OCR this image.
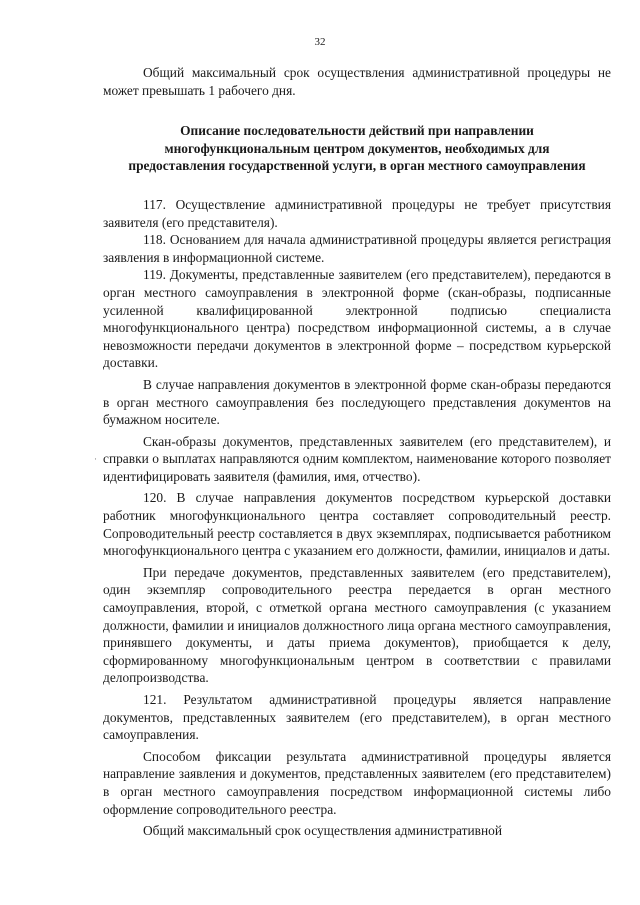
32

Общий максимальный срок осуществления административной процедуры не может превышать 1 рабочего дня.

Описание последовательности действий при направлении многофункциональным центром документов, необходимых для предоставления государственной услуги, в орган местного самоуправления

117. Осуществление административной процедуры не требует присутствия заявителя (его представителя).

118. Основанием для начала административной процедуры является регистрация заявления в информационной системе.

119. Документы, представленные заявителем (его представителем), передаются в орган местного самоуправления в электронной форме (скан-образы, подписанные усиленной квалифицированной электронной подписью специалиста многофункционального центра) посредством информационной системы, а в случае невозможности передачи документов в электронной форме – посредством курьерской доставки.

В случае направления документов в электронной форме скан-образы передаются в орган местного самоуправления без последующего представления документов на бумажном носителе.

Скан-образы документов, представленных заявителем (его представителем), и справки о выплатах направляются одним комплектом, наименование которого позволяет идентифицировать заявителя (фамилия, имя, отчество).

120. В случае направления документов посредством курьерской доставки работник многофункционального центра составляет сопроводительный реестр. Сопроводительный реестр составляется в двух экземплярах, подписывается работником многофункционального центра с указанием его должности, фамилии, инициалов и даты.

При передаче документов, представленных заявителем (его представителем), один экземпляр сопроводительного реестра передается в орган местного самоуправления, второй, с отметкой органа местного самоуправления (с указанием должности, фамилии и инициалов должностного лица органа местного самоуправления, принявшего документы, и даты приема документов), приобщается к делу, сформированному многофункциональным центром в соответствии с правилами делопроизводства.

121. Результатом административной процедуры является направление документов, представленных заявителем (его представителем), в орган местного самоуправления.

Способом фиксации результата административной процедуры является направление заявления и документов, представленных заявителем (его представителем) в орган местного самоуправления посредством информационной системы либо оформление сопроводительного реестра.

Общий максимальный срок осуществления административной

·
